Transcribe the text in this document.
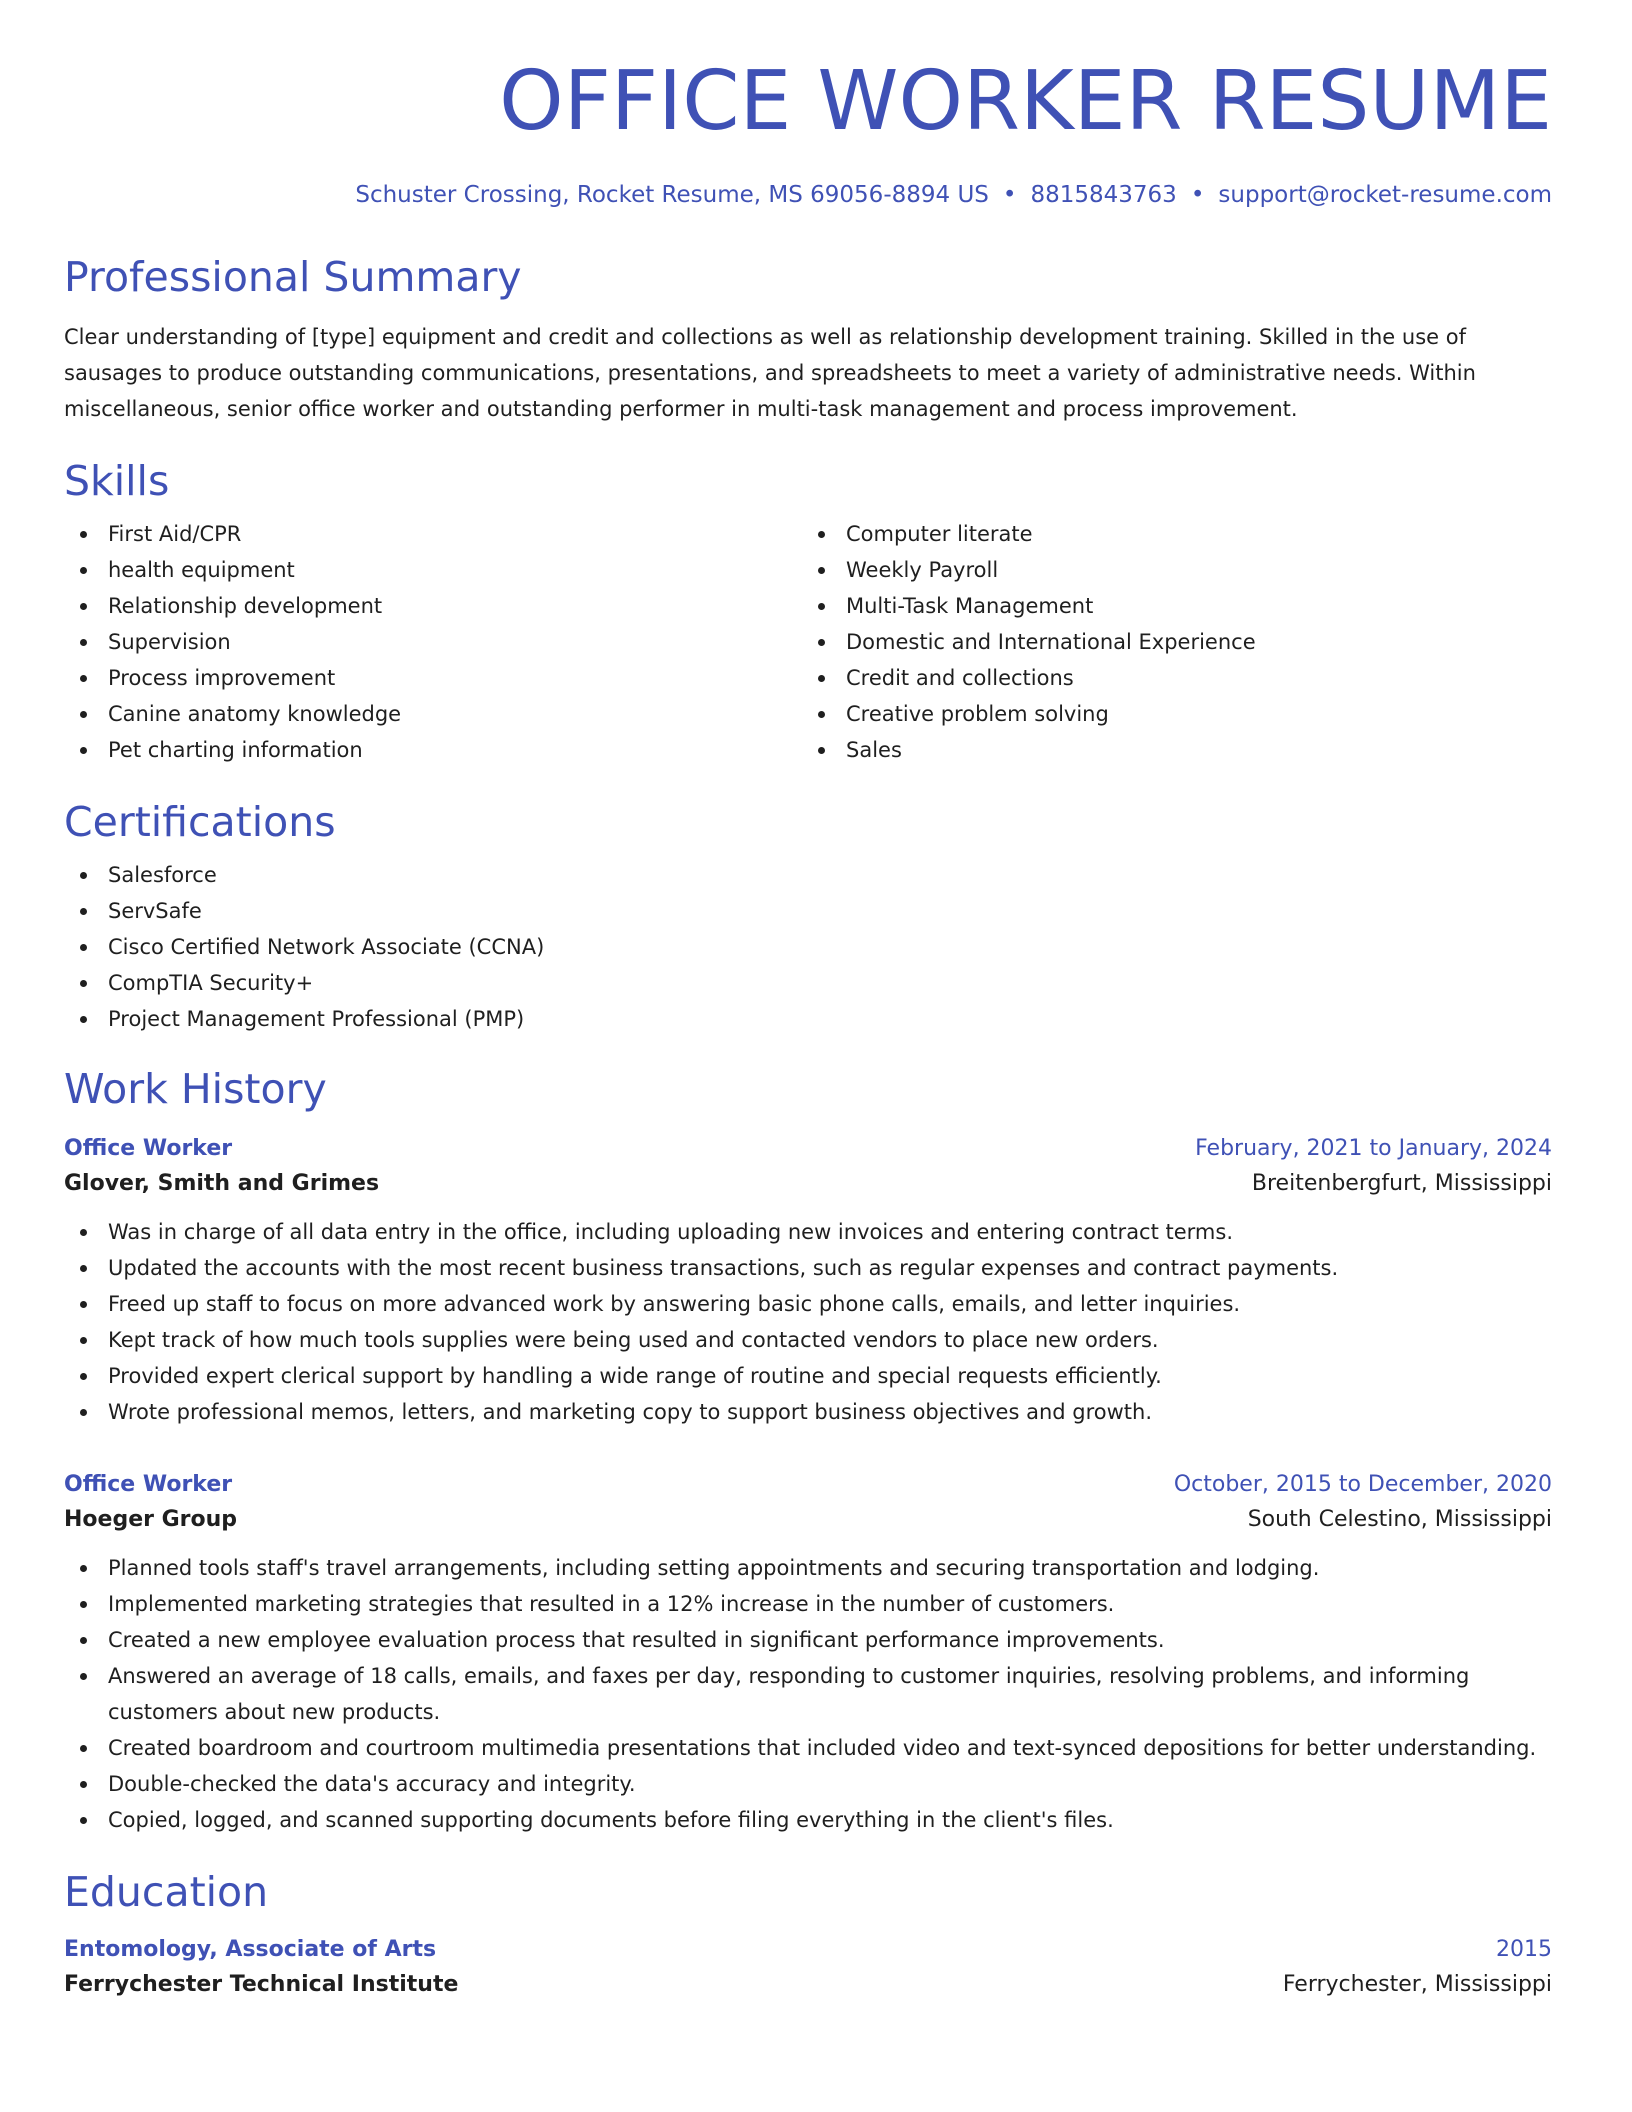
OFFICE WORKER RESUME
Schuster Crossing, Rocket Resume, MS 69056-8894 US • 8815843763 • support@rocket-resume.com
Professional Summary
Clear understanding of [type] equipment and credit and collections as well as relationship development training. Skilled in the use of sausages to produce outstanding communications, presentations, and spreadsheets to meet a variety of administrative needs. Within miscellaneous, senior office worker and outstanding performer in multi-task management and process improvement.
Skills
First Aid/CPR
health equipment
Relationship development
Supervision
Process improvement
Canine anatomy knowledge
Pet charting information
Computer literate
Weekly Payroll
Multi-Task Management
Domestic and International Experience
Credit and collections
Creative problem solving
Sales
Certifications
Salesforce
ServSafe
Cisco Certified Network Associate (CCNA)
CompTIA Security+
Project Management Professional (PMP)
Work History
Office Worker	February, 2021 to January, 2024
Glover, Smith and Grimes	Breitenbergfurt, Mississippi
Was in charge of all data entry in the office, including uploading new invoices and entering contract terms.
Updated the accounts with the most recent business transactions, such as regular expenses and contract payments.
Freed up staff to focus on more advanced work by answering basic phone calls, emails, and letter inquiries.
Kept track of how much tools supplies were being used and contacted vendors to place new orders.
Provided expert clerical support by handling a wide range of routine and special requests efficiently.
Wrote professional memos, letters, and marketing copy to support business objectives and growth.
Office Worker	October, 2015 to December, 2020
Hoeger Group	South Celestino, Mississippi
Planned tools staff's travel arrangements, including setting appointments and securing transportation and lodging.
Implemented marketing strategies that resulted in a 12% increase in the number of customers.
Created a new employee evaluation process that resulted in significant performance improvements.
Answered an average of 18 calls, emails, and faxes per day, responding to customer inquiries, resolving problems, and informing customers about new products.
Created boardroom and courtroom multimedia presentations that included video and text-synced depositions for better understanding.
Double-checked the data's accuracy and integrity.
Copied, logged, and scanned supporting documents before filing everything in the client's files.
Education
Entomology, Associate of Arts	2015
Ferrychester Technical Institute	Ferrychester, Mississippi
